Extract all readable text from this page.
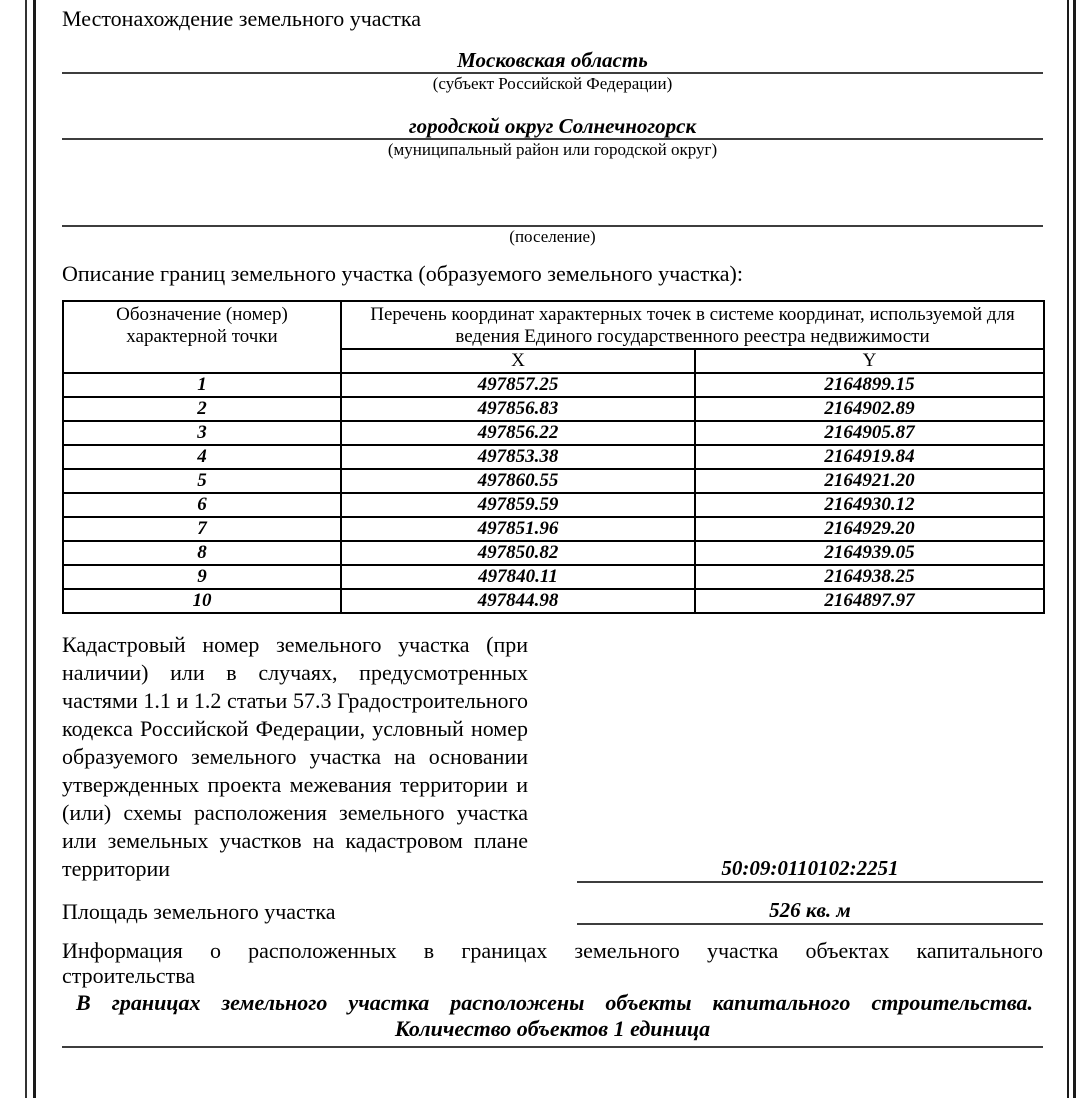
Местонахождение земельного участка
Московская область
(субъект Российской Федерации)
городской округ Солнечногорск
(муниципальный район или городской округ)
(поселение)
Описание границ земельного участка (образуемого земельного участка):
Обозначение (номер) характерной точки	Перечень координат характерных точек в системе координат, используемой для ведения Единого государственного реестра недвижимости	
	X	Y
1	497857.25	2164899.15
2	497856.83	2164902.89
3	497856.22	2164905.87
4	497853.38	2164919.84
5	497860.55	2164921.20
6	497859.59	2164930.12
7	497851.96	2164929.20
8	497850.82	2164939.05
9	497840.11	2164938.25
10	497844.98	2164897.97
Кадастровый номер земельного участка (при наличии) или в случаях, предусмотренных частями 1.1 и 1.2 статьи 57.3 Градостроительного кодекса Российской Федерации, условный номер образуемого земельного участка на основании утвержденных проекта межевания территории и (или) схемы расположения земельного участка или земельных участков на кадастровом плане территории	50:09:0110102:2251
Площадь земельного участка	526 кв. м
Информация о расположенных в границах земельного участка объектах капитального строительства
В границах земельного участка расположены объекты капитального строительства.
Количество объектов 1 единица
